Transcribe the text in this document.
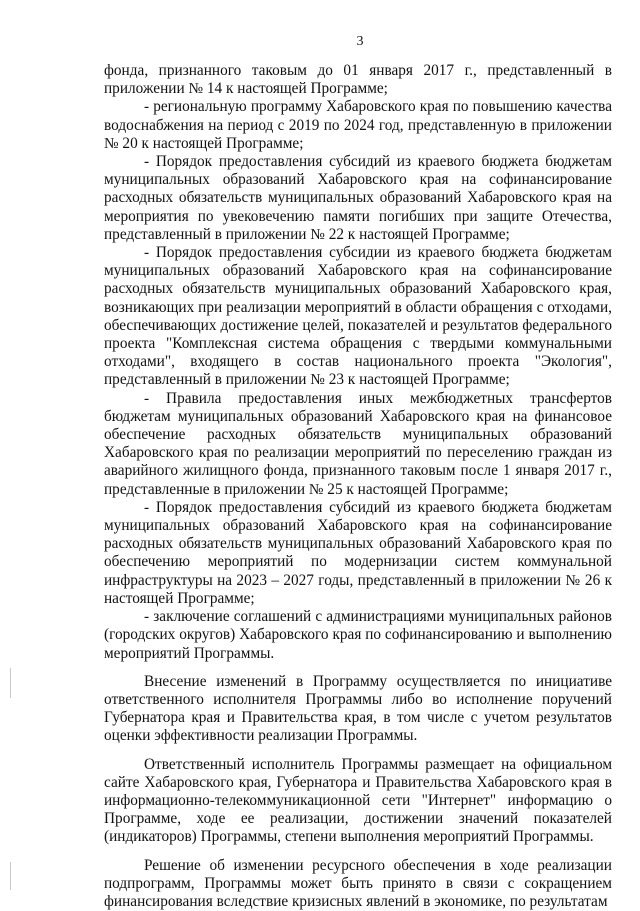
3

фонда, признанного таковым до 01 января 2017 г., представленный в приложении № 14 к настоящей Программе;

- региональную программу Хабаровского края по повышению качества водоснабжения на период с 2019 по 2024 год, представленную в приложении № 20 к настоящей Программе;

- Порядок предоставления субсидий из краевого бюджета бюджетам муниципальных образований Хабаровского края на софинансирование расходных обязательств муниципальных образований Хабаровского края на мероприятия по увековечению памяти погибших при защите Отечества, представленный в приложении № 22 к настоящей Программе;

- Порядок предоставления субсидии из краевого бюджета бюджетам муниципальных образований Хабаровского края на софинансирование расходных обязательств муниципальных образований Хабаровского края, возникающих при реализации мероприятий в области обращения с отходами, обеспечивающих достижение целей, показателей и результатов федерального проекта "Комплексная система обращения с твердыми коммунальными отходами", входящего в состав национального проекта "Экология", представленный в приложении № 23 к настоящей Программе;

- Правила предоставления иных межбюджетных трансфертов бюджетам муниципальных образований Хабаровского края на финансовое обеспечение расходных обязательств муниципальных образований Хабаровского края по реализации мероприятий по переселению граждан из аварийного жилищного фонда, признанного таковым после 1 января 2017 г., представленные в приложении № 25 к настоящей Программе;

- Порядок предоставления субсидий из краевого бюджета бюджетам муниципальных образований Хабаровского края на софинансирование расходных обязательств муниципальных образований Хабаровского края по обеспечению мероприятий по модернизации систем коммунальной инфраструктуры на 2023 – 2027 годы, представленный в приложении № 26 к настоящей Программе;

- заключение соглашений с администрациями муниципальных районов (городских округов) Хабаровского края по софинансированию и выполнению мероприятий Программы.

Внесение изменений в Программу осуществляется по инициативе ответственного исполнителя Программы либо во исполнение поручений Губернатора края и Правительства края, в том числе с учетом результатов оценки эффективности реализации Программы.

Ответственный исполнитель Программы размещает на официальном сайте Хабаровского края, Губернатора и Правительства Хабаровского края в информационно-телекоммуникационной сети "Интернет" информацию о Программе, ходе ее реализации, достижении значений показателей (индикаторов) Программы, степени выполнения мероприятий Программы.

Решение об изменении ресурсного обеспечения в ходе реализации подпрограмм, Программы может быть принято в связи с сокращением финансирования вследствие кризисных явлений в экономике, по результатам
